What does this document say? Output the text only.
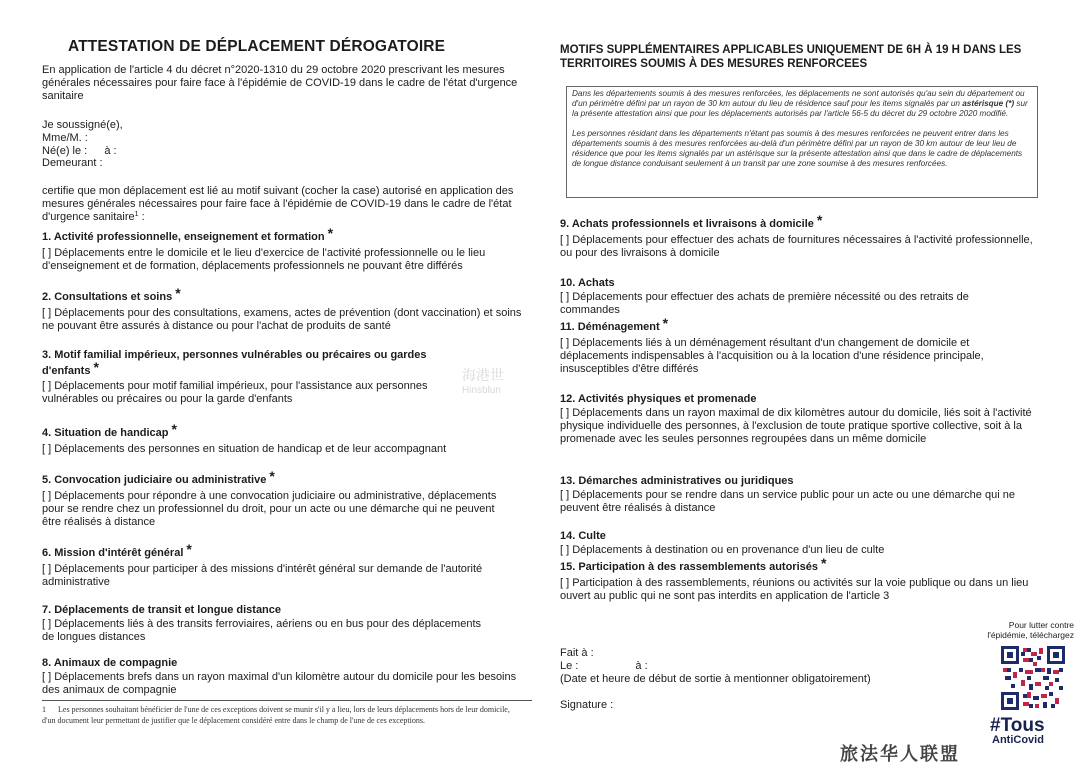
ATTESTATION DE DÉPLACEMENT DÉROGATOIRE
En application de l'article 4 du décret n°2020-1310 du 29 octobre 2020 prescrivant les mesures générales nécessaires pour faire face à l'épidémie de COVID-19 dans le cadre de l'état d'urgence sanitaire
Je soussigné(e),
Mme/M. :
Né(e) le : à :
Demeurant :
certifie que mon déplacement est lié au motif suivant (cocher la case) autorisé en application des mesures générales nécessaires pour faire face à l'épidémie de COVID-19 dans le cadre de l'état d'urgence sanitaire$^1$ :
1. Activité professionnelle, enseignement et formation *
[ ] Déplacements entre le domicile et le lieu d'exercice de l'activité professionnelle ou le lieu d'enseignement et de formation, déplacements professionnels ne pouvant être différés
2. Consultations et soins *
[ ] Déplacements pour des consultations, examens, actes de prévention (dont vaccination) et soins ne pouvant être assurés à distance ou pour l'achat de produits de santé
3. Motif familial impérieux, personnes vulnérables ou précaires ou gardes d'enfants *
[ ] Déplacements pour motif familial impérieux, pour l'assistance aux personnes vulnérables ou précaires ou pour la garde d'enfants
4. Situation de handicap *
[ ] Déplacements des personnes en situation de handicap et de leur accompagnant
5. Convocation judiciaire ou administrative *
[ ] Déplacements pour répondre à une convocation judiciaire ou administrative, déplacements pour se rendre chez un professionnel du droit, pour un acte ou une démarche qui ne peuvent être réalisés à distance
6. Mission d'intérêt général *
[ ] Déplacements pour participer à des missions d'intérêt général sur demande de l'autorité administrative
7. Déplacements de transit et longue distance
[ ] Déplacements liés à des transits ferroviaires, aériens ou en bus pour des déplacements de longues distances
8. Animaux de compagnie
[ ] Déplacements brefs dans un rayon maximal d'un kilomètre autour du domicile pour les besoins des animaux de compagnie
1 Les personnes souhaitant bénéficier de l'une de ces exceptions doivent se munir s'il y a lieu, lors de leurs déplacements hors de leur domicile, d'un document leur permettant de justifier que le déplacement considéré entre dans le champ de l'une de ces exceptions.
MOTIFS SUPPLÉMENTAIRES APPLICABLES UNIQUEMENT DE 6H À 19 H DANS LES TERRITOIRES SOUMIS À DES MESURES RENFORCEES

Dans les départements soumis à des mesures renforcées, les déplacements ne sont autorisés qu'au sein du département ou d'un périmètre défini par un rayon de 30 km autour du lieu de résidence sauf pour les items signalés par un astérisque (*) sur la présente attestation ainsi que pour les déplacements autorisés par l'article 56-5 du décret du 29 octobre 2020 modifié.

Les personnes résidant dans les départements n'étant pas soumis à des mesures renforcées ne peuvent entrer dans les départements soumis à des mesures renforcées au-delà d'un périmètre défini par un rayon de 30 km autour de leur lieu de résidence que pour les items signalés par un astérisque sur la présente attestation ainsi que dans le cadre de déplacements de longue distance conduisant seulement à un transit par une zone soumise à des mesures renforcées.

9. Achats professionnels et livraisons à domicile *
[ ] Déplacements pour effectuer des achats de fournitures nécessaires à l'activité professionnelle, ou pour des livraisons à domicile
10. Achats
[ ] Déplacements pour effectuer des achats de première nécessité ou des retraits de commandes
11. Déménagement *
[ ] Déplacements liés à un déménagement résultant d'un changement de domicile et déplacements indispensables à l'acquisition ou à la location d'une résidence principale, insusceptibles d'être différés
12. Activités physiques et promenade
[ ] Déplacements dans un rayon maximal de dix kilomètres autour du domicile, liés soit à l'activité physique individuelle des personnes, à l'exclusion de toute pratique sportive collective, soit à la promenade avec les seules personnes regroupées dans un même domicile
13. Démarches administratives ou juridiques
[ ] Déplacements pour se rendre dans un service public pour un acte ou une démarche qui ne peuvent être réalisés à distance
14. Culte
[ ] Déplacements à destination ou en provenance d'un lieu de culte
15. Participation à des rassemblements autorisés *
[ ] Participation à des rassemblements, réunions ou activités sur la voie publique ou dans un lieu ouvert au public qui ne sont pas interdits en application de l'article 3
Fait à :
Le :	à :
(Date et heure de début de sortie à mentionner obligatoirement)
Signature :
Pour lutter contre l'épidémie, téléchargez
#Tous
AntiCovid
海港世
Hinsblun
旅法华人联盟
